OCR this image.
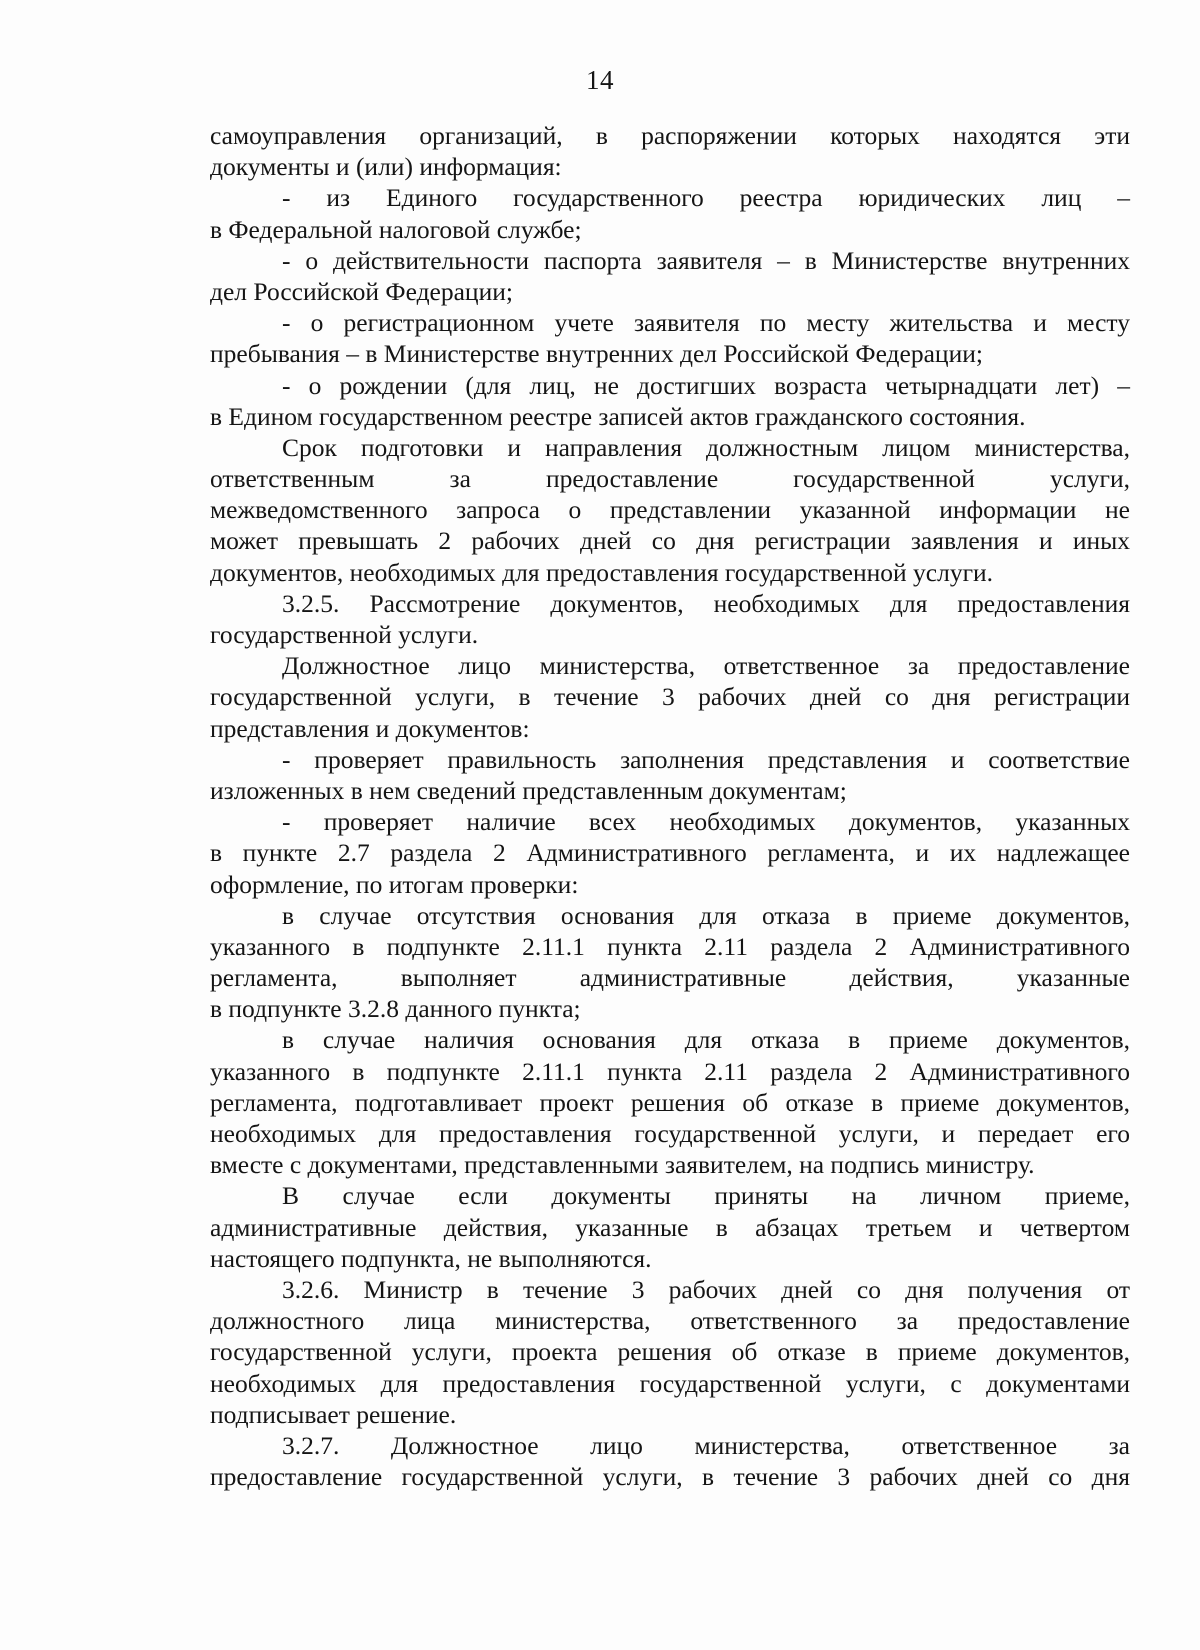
14
самоуправления организаций, в распоряжении которых находятся эти
документы и (или) информация:
- из Единого государственного реестра юридических лиц –
в Федеральной налоговой службе;
- о действительности паспорта заявителя – в Министерстве внутренних
дел Российской Федерации;
- о регистрационном учете заявителя по месту жительства и месту
пребывания – в Министерстве внутренних дел Российской Федерации;
- о рождении (для лиц, не достигших возраста четырнадцати лет) –
в Едином государственном реестре записей актов гражданского состояния.
Срок подготовки и направления должностным лицом министерства,
ответственным за предоставление государственной услуги,
межведомственного запроса о представлении указанной информации не
может превышать 2 рабочих дней со дня регистрации заявления и иных
документов, необходимых для предоставления государственной услуги.
3.2.5. Рассмотрение документов, необходимых для предоставления
государственной услуги.
Должностное лицо министерства, ответственное за предоставление
государственной услуги, в течение 3 рабочих дней со дня регистрации
представления и документов:
- проверяет правильность заполнения представления и соответствие
изложенных в нем сведений представленным документам;
- проверяет наличие всех необходимых документов, указанных
в пункте 2.7 раздела 2 Административного регламента, и их надлежащее
оформление, по итогам проверки:
в случае отсутствия основания для отказа в приеме документов,
указанного в подпункте 2.11.1 пункта 2.11 раздела 2 Административного
регламента, выполняет административные действия, указанные
в подпункте 3.2.8 данного пункта;
в случае наличия основания для отказа в приеме документов,
указанного в подпункте 2.11.1 пункта 2.11 раздела 2 Административного
регламента, подготавливает проект решения об отказе в приеме документов,
необходимых для предоставления государственной услуги, и передает его
вместе с документами, представленными заявителем, на подпись министру.
В случае если документы приняты на личном приеме,
административные действия, указанные в абзацах третьем и четвертом
настоящего подпункта, не выполняются.
3.2.6. Министр в течение 3 рабочих дней со дня получения от
должностного лица министерства, ответственного за предоставление
государственной услуги, проекта решения об отказе в приеме документов,
необходимых для предоставления государственной услуги, с документами
подписывает решение.
3.2.7. Должностное лицо министерства, ответственное за
предоставление государственной услуги, в течение 3 рабочих дней со дня
